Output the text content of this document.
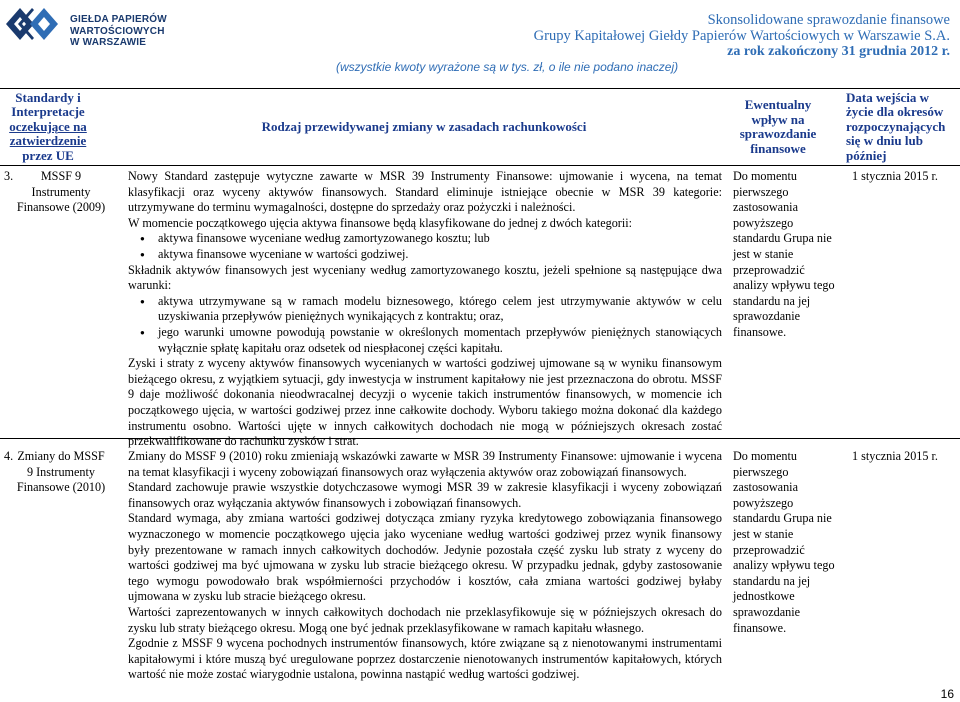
GIEŁDA PAPIERÓW
WARTOŚCIOWYCH
W WARSZAWIE
Skonsolidowane sprawozdanie finansowe
Grupy Kapitałowej Giełdy Papierów Wartościowych w Warszawie S.A.
za rok zakończony 31 grudnia 2012 r.
(wszystkie kwoty wyrażone są w tys. zł, o ile nie podano inaczej)
Standardy i
Interpretacje
oczekujące na
zatwierdzenie
przez UE
Rodzaj przewidywanej zmiany w zasadach rachunkowości
Ewentualny
wpływ na
sprawozdanie
finansowe
Data wejścia w
życie dla okresów
rozpoczynających
się w dniu lub
później
3.	MSSF 9
Instrumenty
Finansowe (2009)

Nowy Standard zastępuje wytyczne zawarte w MSR 39 Instrumenty Finansowe: ujmowanie i wycena, na temat klasyfikacji oraz wyceny aktywów finansowych. Standard eliminuje istniejące obecnie w MSR 39 kategorie: utrzymywane do terminu wymagalności, dostępne do sprzedaży oraz pożyczki i należności.

W momencie początkowego ujęcia aktywa finansowe będą klasyfikowane do jednej z dwóch kategorii:

● aktywa finansowe wyceniane według zamortyzowanego kosztu; lub
● aktywa finansowe wyceniane w wartości godziwej.

Składnik aktywów finansowych jest wyceniany według zamortyzowanego kosztu, jeżeli spełnione są następujące dwa warunki:

● aktywa utrzymywane są w ramach modelu biznesowego, którego celem jest utrzymywanie aktywów w celu uzyskiwania przepływów pieniężnych wynikających z kontraktu; oraz,
● jego warunki umowne powodują powstanie w określonych momentach przepływów pieniężnych stanowiących wyłącznie spłatę kapitału oraz odsetek od niespłaconej części kapitału.

Zyski i straty z wyceny aktywów finansowych wycenianych w wartości godziwej ujmowane są w wyniku finansowym bieżącego okresu, z wyjątkiem sytuacji, gdy inwestycja w instrument kapitałowy nie jest przeznaczona do obrotu. MSSF 9 daje możliwość dokonania nieodwracalnej decyzji o wycenie takich instrumentów finansowych, w momencie ich początkowego ujęcia, w wartości godziwej przez inne całkowite dochody. Wyboru takiego można dokonać dla każdego instrumentu osobno. Wartości ujęte w innych całkowitych dochodach nie mogą w późniejszych okresach zostać przekwalifikowane do rachunku zysków i strat.

Do momentu pierwszego zastosowania powyższego standardu Grupa nie jest w stanie przeprowadzić analizy wpływu tego standardu na jej sprawozdanie finansowe.
1 stycznia 2015 r.
4. Zmiany do MSSF
9 Instrumenty
Finansowe (2010)

Zmiany do MSSF 9 (2010) roku zmieniają wskazówki zawarte w MSR 39 Instrumenty Finansowe: ujmowanie i wycena na temat klasyfikacji i wyceny zobowiązań finansowych oraz wyłączenia aktywów oraz zobowiązań finansowych.

Standard zachowuje prawie wszystkie dotychczasowe wymogi MSR 39 w zakresie klasyfikacji i wyceny zobowiązań finansowych oraz wyłączania aktywów finansowych i zobowiązań finansowych.

Standard wymaga, aby zmiana wartości godziwej dotycząca zmiany ryzyka kredytowego zobowiązania finansowego wyznaczonego w momencie początkowego ujęcia jako wyceniane według wartości godziwej przez wynik finansowy były prezentowane w ramach innych całkowitych dochodów. Jedynie pozostała część zysku lub straty z wyceny do wartości godziwej ma być ujmowana w zysku lub stracie bieżącego okresu. W przypadku jednak, gdyby zastosowanie tego wymogu powodowało brak współmierności przychodów i kosztów, cała zmiana wartości godziwej byłaby ujmowana w zysku lub stracie bieżącego okresu.

Wartości zaprezentowanych w innych całkowitych dochodach nie przeklasyfikowuje się w późniejszych okresach do zysku lub straty bieżącego okresu. Mogą one być jednak przeklasyfikowane w ramach kapitału własnego.

Zgodnie z MSSF 9 wycena pochodnych instrumentów finansowych, które związane są z nienotowanymi instrumentami kapitałowymi i które muszą być uregulowane poprzez dostarczenie nienotowanych instrumentów kapitałowych, których wartość nie może zostać wiarygodnie ustalona, powinna nastąpić według wartości godziwej.

Do momentu pierwszego zastosowania powyższego standardu Grupa nie jest w stanie przeprowadzić analizy wpływu tego standardu na jej jednostkowe sprawozdanie finansowe.
1 stycznia 2015 r.
16
